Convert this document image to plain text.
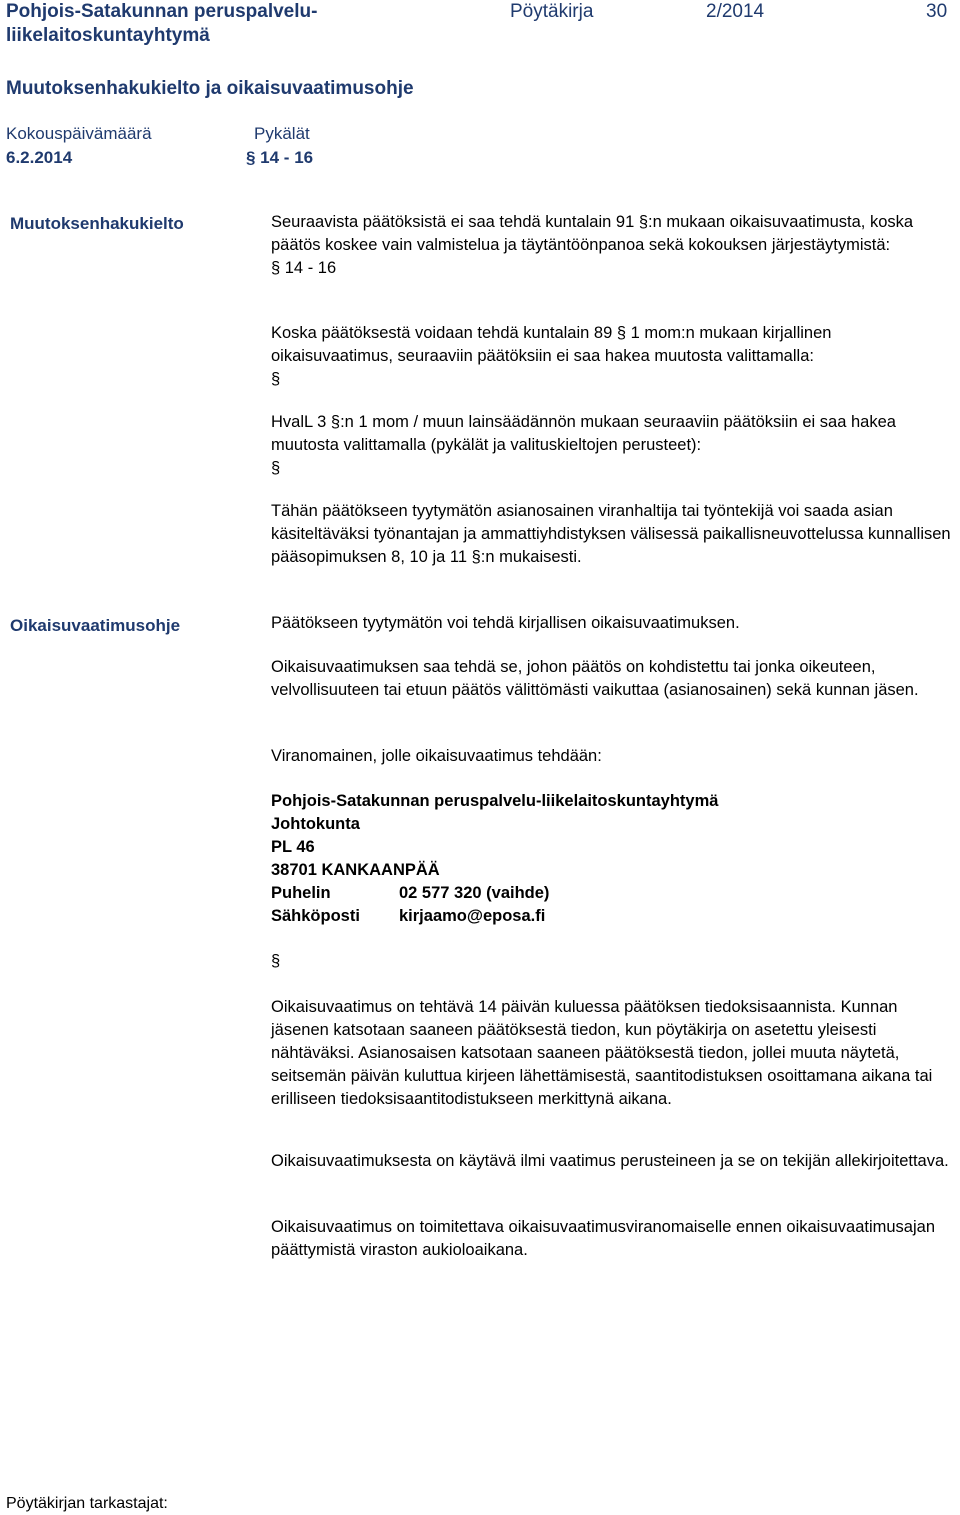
Pohjois-Satakunnan peruspalvelu-liikelaitoskuntayhtymä
Pöytäkirja	2/2014	30
Muutoksenhakukielto ja oikaisuvaatimusohje
Kokouspäivämäärä	Pykälät
6.2.2014	§ 14 - 16
Muutoksenhakukielto	Seuraavista päätöksistä ei saa tehdä kuntalain 91 §:n mukaan oikaisuvaatimusta, koska päätös koskee vain valmistelua ja täytäntöönpanoa sekä kokouksen järjestäytymistä:

§ 14 - 16

Koska päätöksestä voidaan tehdä kuntalain 89 § 1 mom:n mukaan kirjallinen oikaisuvaatimus, seuraaviin päätöksiin ei saa hakea muutosta valittamalla:

§

HvalL 3 §:n 1 mom / muun lainsäädännön mukaan seuraaviin päätöksiin ei saa hakea muutosta valittamalla (pykälät ja valituskieltojen perusteet):

§

Tähän päätökseen tyytymätön asianosainen viranhaltija tai työntekijä voi saada asian käsiteltäväksi työnantajan ja ammattiyhdistyksen välisessä paikallisneuvottelussa kunnallisen pääsopimuksen 8, 10 ja 11 §:n mukaisesti.

Oikaisuvaatimusohje	Päätökseen tyytymätön voi tehdä kirjallisen oikaisuvaatimuksen.
Oikaisuvaatimuksen saa tehdä se, johon päätös on kohdistettu tai jonka oikeuteen, velvollisuuteen tai etuun päätös välittömästi vaikuttaa (asianosainen) sekä kunnan jäsen.
Viranomainen, jolle oikaisuvaatimus tehdään:

Pohjois-Satakunnan peruspalvelu-liikelaitoskuntayhtymä

Johtokunta

PL 46

38701 KANKAANPÄÄ

Puhelin	02 577 320 (vaihde)
Sähköposti	kirjaamo@eposa.fi
§
Oikaisuvaatimus on tehtävä 14 päivän kuluessa päätöksen tiedoksisaannista. Kunnan jäsenen katsotaan saaneen päätöksestä tiedon, kun pöytäkirja on asetettu yleisesti nähtäväksi. Asianosaisen katsotaan saaneen päätöksestä tiedon, jollei muuta näytetä, seitsemän päivän kuluttua kirjeen lähettämisestä, saantitodistuksen osoittamana aikana tai erilliseen tiedoksisaantitodistukseen merkittynä aikana.
Oikaisuvaatimuksesta on käytävä ilmi vaatimus perusteineen ja se on tekijän allekirjoitettava.
Oikaisuvaatimus on toimitettava oikaisuvaatimusviranomaiselle ennen oikaisuvaatimusajan päättymistä viraston aukioloaikana.
Pöytäkirjan tarkastajat:
